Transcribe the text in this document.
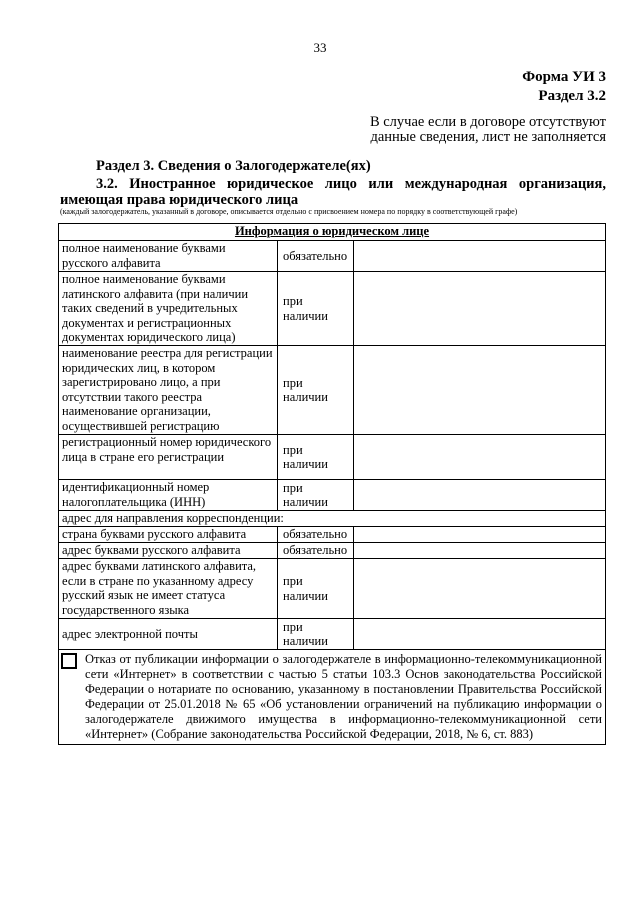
33
Форма УИ 3
Раздел 3.2
В случае если в договоре отсутствуют
данные сведения, лист не заполняется
Раздел 3. Сведения о Залогодержателе(ях)
3.2. Иностранное юридическое лицо или международная организация,
имеющая права юридического лица
(каждый залогодержатель, указанный в договоре, описывается отдельно с присвоением номера по порядку в соответствующей графе)
Информация о юридическом лице		
полное наименование буквами русского алфавита	обязательно	
полное наименование буквами латинского алфавита (при наличии таких сведений в учредительных документах и регистрационных документах юридического лица)	при наличии	
наименование реестра для регистрации юридических лиц, в котором зарегистрировано лицо, а при отсутствии такого реестра наименование организации, осуществившей регистрацию	при наличии	
регистрационный номер юридического лица в стране его регистрации	при наличии	
идентификационный номер налогоплательщика (ИНН)	при наличии	
адрес для направления корреспонденции:		
страна буквами русского алфавита	обязательно	
адрес буквами русского алфавита	обязательно	
адрес буквами латинского алфавита, если в стране по указанному адресу русский язык не имеет статуса государственного языка	при наличии	
адрес электронной почты	при наличии	

Отказ от публикации информации о залогодержателе в информационно-телекоммуникационной сети «Интернет» в соответствии с частью 5 статьи 103.3 Основ законодательства Российской Федерации о нотариате по основанию, указанному в постановлении Правительства Российской Федерации от 25.01.2018 № 65 «Об установлении ограничений на публикацию информации о залогодержателе движимого имущества в информационно-телекоммуникационной сети «Интернет» (Собрание законодательства Российской Федерации, 2018, № 6, ст. 883)		
